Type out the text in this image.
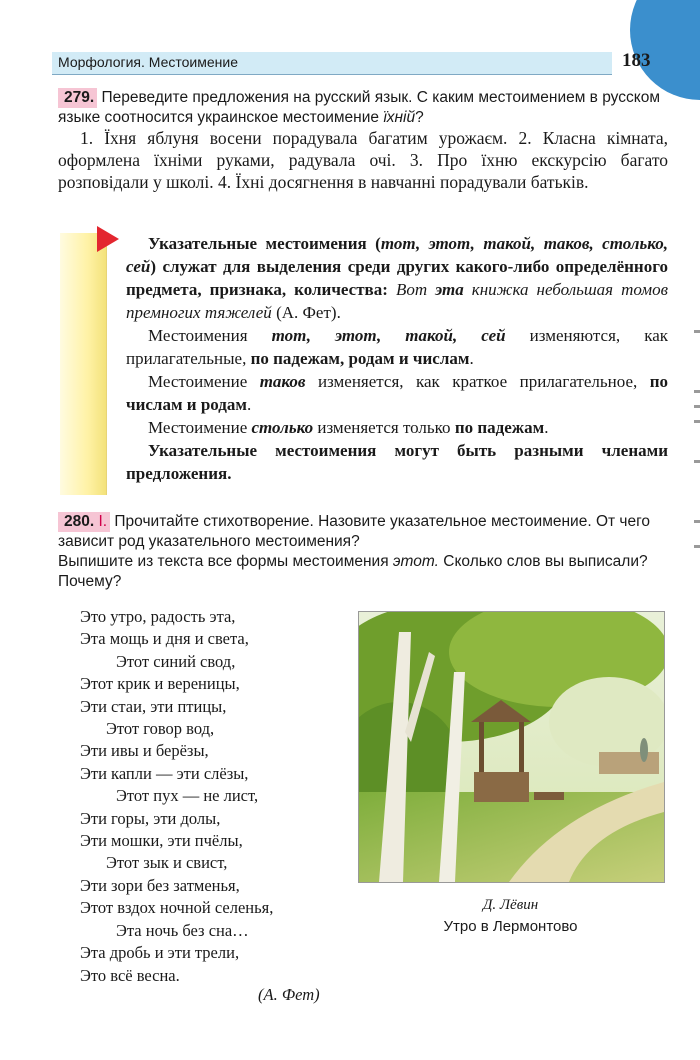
Морфология. Местоимение	183
279. Переведите предложения на русский язык. С каким местоимением в русском языке соотносится украинское местоимение їхній?
1. Їхня яблуня восени порадувала багатим урожаєм. 2. Класна кімната, оформлена їхніми руками, радувала очі. 3. Про їхню екскурсію багато розповідали у школі. 4. Їхні досягнення в навчанні порадували батьків.

Указательные местоимения (тот, этот, такой, таков, столько, сей) служат для выделения среди других какого-либо определённого предмета, признака, количества: Вот эта книжка небольшая томов премногих тяжелей (А. Фет).

Местоимения тот, этот, такой, сей изменяются, как прилагательные, по падежам, родам и числам.

Местоимение таков изменяется, как краткое прилагательное, по числам и родам.

Местоимение столько изменяется только по падежам.

Указательные местоимения могут быть разными членами предложения.

280. I. Прочитайте стихотворение. Назовите указательное местоимение. От чего зависит род указательного местоимения?

Выпишите из текста все формы местоимения этот. Сколько слов вы выписали? Почему?

Это утро, радость эта,
Эта мощь и дня и света,
Этот синий свод,
Этот крик и вереницы,
Эти стаи, эти птицы,
Этот говор вод,
Эти ивы и берёзы,
Эти капли — эти слёзы,
Этот пух — не лист,
Эти горы, эти долы,
Эти мошки, эти пчёлы,
Этот зык и свист,
Эти зори без затменья,
Этот вздох ночной селенья,
Эта ночь без сна…
Эта дробь и эти трели,
Это всё весна.
(А. Фет)
Д. Лёвин
Утро в Лермонтово
